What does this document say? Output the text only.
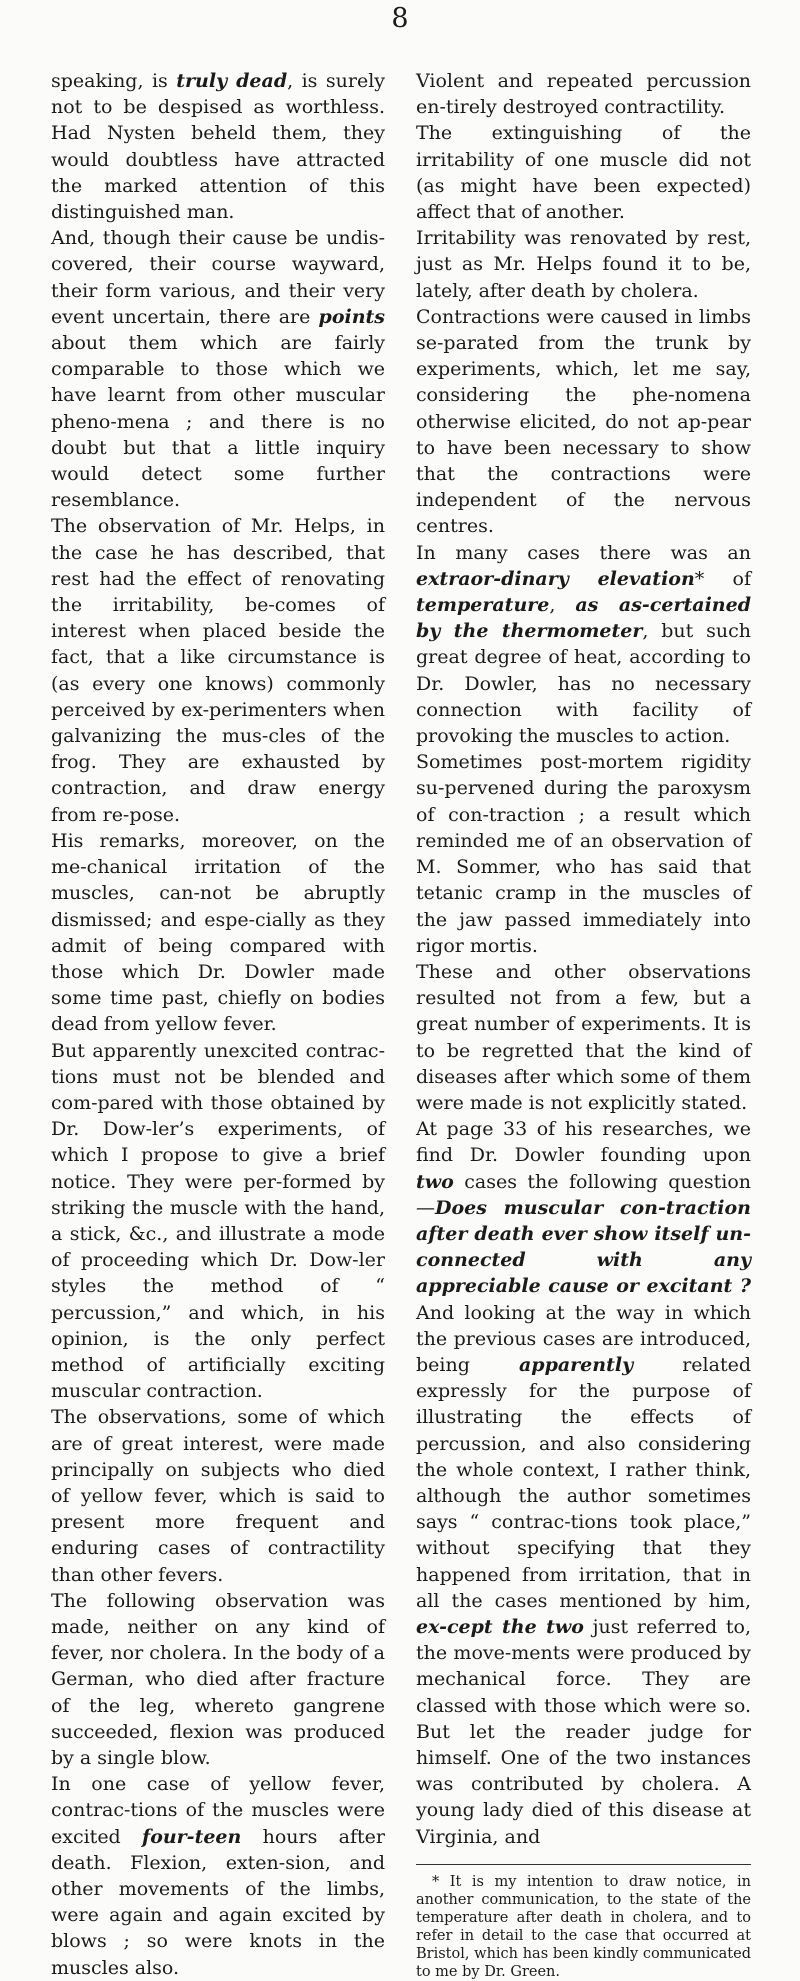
8

speaking, is truly dead, is surely not to be despised as worthless. Had Nysten beheld them, they would doubtless have attracted the marked attention of this distinguished man.

And, though their cause be undis-covered, their course wayward, their form various, and their very event uncertain, there are points about them which are fairly comparable to those which we have learnt from other muscular pheno-mena ; and there is no doubt but that a little inquiry would detect some further resemblance.

The observation of Mr. Helps, in the case he has described, that rest had the effect of renovating the irritability, be-comes of interest when placed beside the fact, that a like circumstance is (as every one knows) commonly perceived by ex-perimenters when galvanizing the mus-cles of the frog. They are exhausted by contraction, and draw energy from re-pose.

His remarks, moreover, on the me-chanical irritation of the muscles, can-not be abruptly dismissed; and espe-cially as they admit of being compared with those which Dr. Dowler made some time past, chiefly on bodies dead from yellow fever.

But apparently unexcited contrac-tions must not be blended and com-pared with those obtained by Dr. Dow-ler’s experiments, of which I propose to give a brief notice. They were per-formed by striking the muscle with the hand, a stick, &c., and illustrate a mode of proceeding which Dr. Dow-ler styles the method of “ percussion,” and which, in his opinion, is the only perfect method of artificially exciting muscular contraction.

The observations, some of which are of great interest, were made principally on subjects who died of yellow fever, which is said to present more frequent and enduring cases of contractility than other fevers.

The following observation was made, neither on any kind of fever, nor cholera. In the body of a German, who died after fracture of the leg, whereto gangrene succeeded, flexion was produced by a single blow.

In one case of yellow fever, contrac-tions of the muscles were excited four-teen hours after death. Flexion, exten-sion, and other movements of the limbs, were again and again excited by blows ; so were knots in the muscles also.

Violent and repeated percussion en-tirely destroyed contractility.

The extinguishing of the irritability of one muscle did not (as might have been expected) affect that of another.

Irritability was renovated by rest, just as Mr. Helps found it to be, lately, after death by cholera.

Contractions were caused in limbs se-parated from the trunk by experiments, which, let me say, considering the phe-nomena otherwise elicited, do not ap-pear to have been necessary to show that the contractions were independent of the nervous centres.

In many cases there was an extraor-dinary elevation* of temperature, as as-certained by the thermometer, but such great degree of heat, according to Dr. Dowler, has no necessary connection with facility of provoking the muscles to action.

Sometimes post-mortem rigidity su-pervened during the paroxysm of con-traction ; a result which reminded me of an observation of M. Sommer, who has said that tetanic cramp in the muscles of the jaw passed immediately into rigor mortis.

These and other observations resulted not from a few, but a great number of experiments. It is to be regretted that the kind of diseases after which some of them were made is not explicitly stated.

At page 33 of his researches, we find Dr. Dowler founding upon two cases the following question—Does muscular con-traction after death ever show itself un-connected with any appreciable cause or excitant ? And looking at the way in which the previous cases are introduced, being apparently related expressly for the purpose of illustrating the effects of percussion, and also considering the whole context, I rather think, although the author sometimes says “ contrac-tions took place,” without specifying that they happened from irritation, that in all the cases mentioned by him, ex-cept the two just referred to, the move-ments were produced by mechanical force. They are classed with those which were so. But let the reader judge for himself. One of the two instances was contributed by cholera. A young lady died of this disease at Virginia, and

* It is my intention to draw notice, in another communication, to the state of the temperature after death in cholera, and to refer in detail to the case that occurred at Bristol, which has been kindly communicated to me by Dr. Green.
